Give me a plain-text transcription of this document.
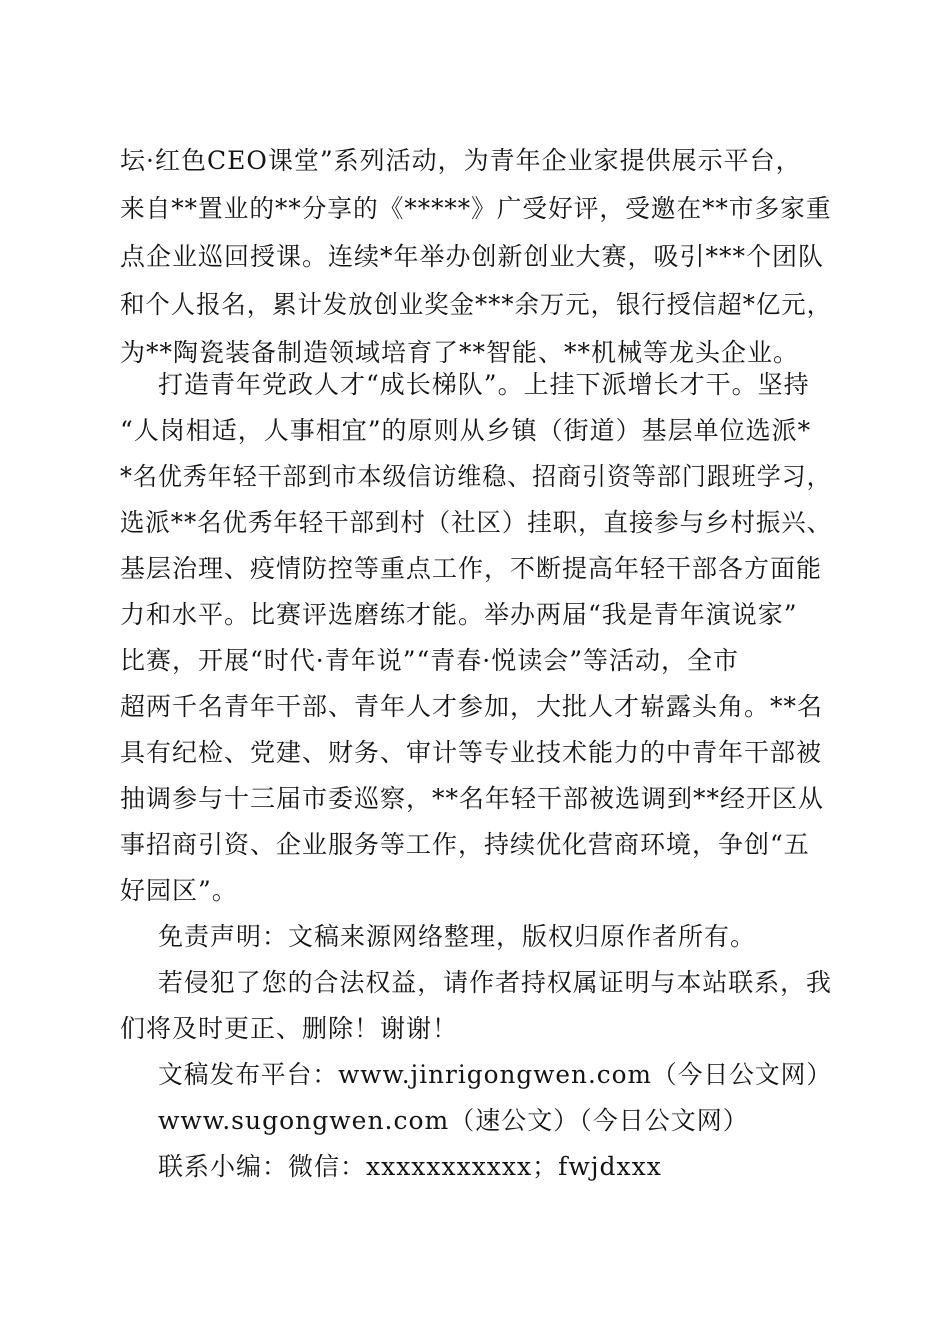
坛·红色CEO课堂”系列活动，为青年企业家提供展示平台，
来自**置业的**分享的《*****》广受好评，受邀在**市多家重
点企业巡回授课。连续*年举办创新创业大赛，吸引***个团队
和个人报名，累计发放创业奖金***余万元，银行授信超*亿元，
为**陶瓷装备制造领域培育了**智能、**机械等龙头企业。
打造青年党政人才“成长梯队”。上挂下派增长才干。坚持
“人岗相适，人事相宜”的原则从乡镇（街道）基层单位选派*
*名优秀年轻干部到市本级信访维稳、招商引资等部门跟班学习，
选派**名优秀年轻干部到村（社区）挂职，直接参与乡村振兴、
基层治理、疫情防控等重点工作，不断提高年轻干部各方面能
力和水平。比赛评选磨练才能。举办两届“我是青年演说家”
比赛，开展“时代·青年说”“青春·悦读会”等活动，全市
超两千名青年干部、青年人才参加，大批人才崭露头角。**名
具有纪检、党建、财务、审计等专业技术能力的中青年干部被
抽调参与十三届市委巡察，**名年轻干部被选调到**经开区从
事招商引资、企业服务等工作，持续优化营商环境，争创“五
好园区”。
免责声明：文稿来源网络整理，版权归原作者所有。
若侵犯了您的合法权益，请作者持权属证明与本站联系，我
们将及时更正、删除！谢谢！
文稿发布平台：www.jinrigongwen.com（今日公文网）
www.sugongwen.com（速公文）（今日公文网）
联系小编：微信：xxxxxxxxxxx；fwjdxxx
